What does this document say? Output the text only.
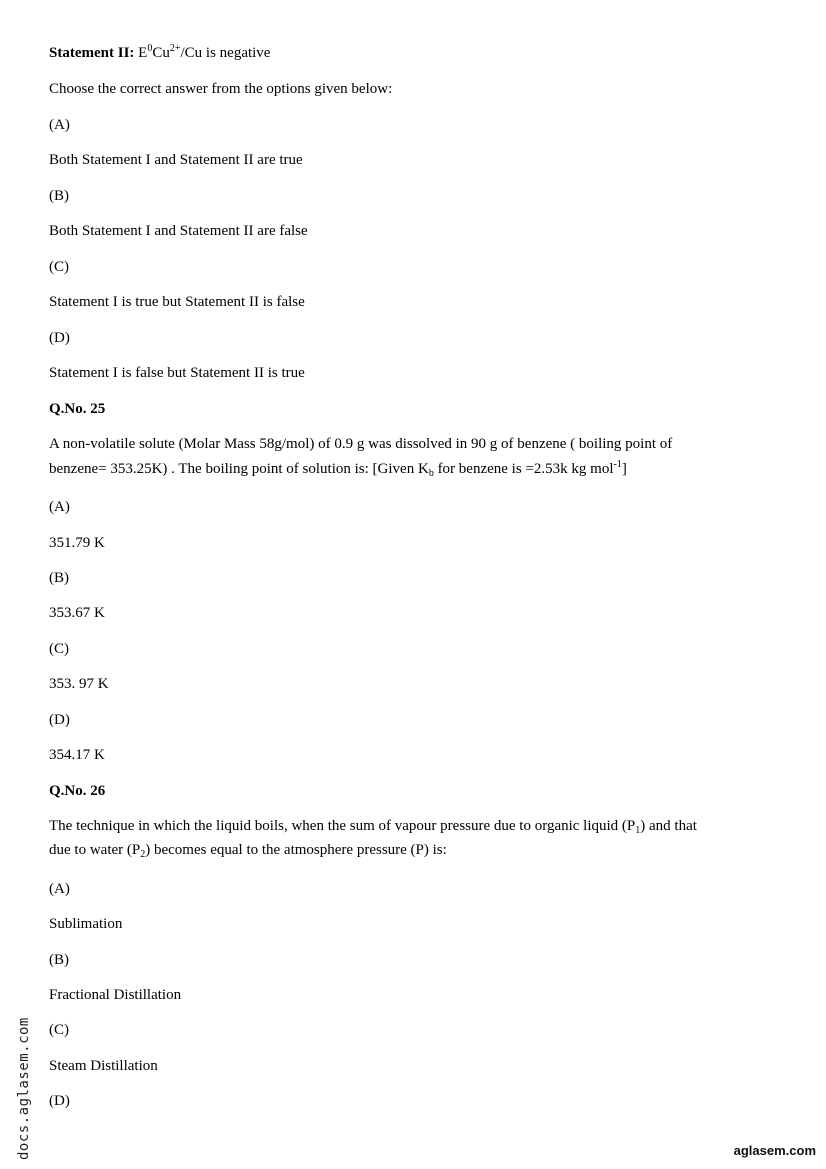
Statement II: $E^0Cu^{2+}/Cu$ is negative

Choose the correct answer from the options given below:

(A)

Both Statement I and Statement II are true

(B)

Both Statement I and Statement II are false

(C)

Statement I is true but Statement II is false

(D)

Statement I is false but Statement II is true

Q.No. 25

A non-volatile solute (Molar Mass 58g/mol) of 0.9 g was dissolved in 90 g of benzene ( boiling point of

benzene= 353.25K) . The boiling point of solution is: [Given $K_b$ for benzene is =2.53k kg mol$^{-1}$]

(A)

351.79 K

(B)

353.67 K

(C)

353. 97 K

(D)

354.17 K

Q.No. 26

The technique in which the liquid boils, when the sum of vapour pressure due to organic liquid $(P_1)$ and that

due to water $(P_2)$ becomes equal to the atmosphere pressure (P) is:

(A)

Sublimation

(B)

Fractional Distillation

(C)

Steam Distillation

(D)

docs.aglasem.com	aglasem.com
